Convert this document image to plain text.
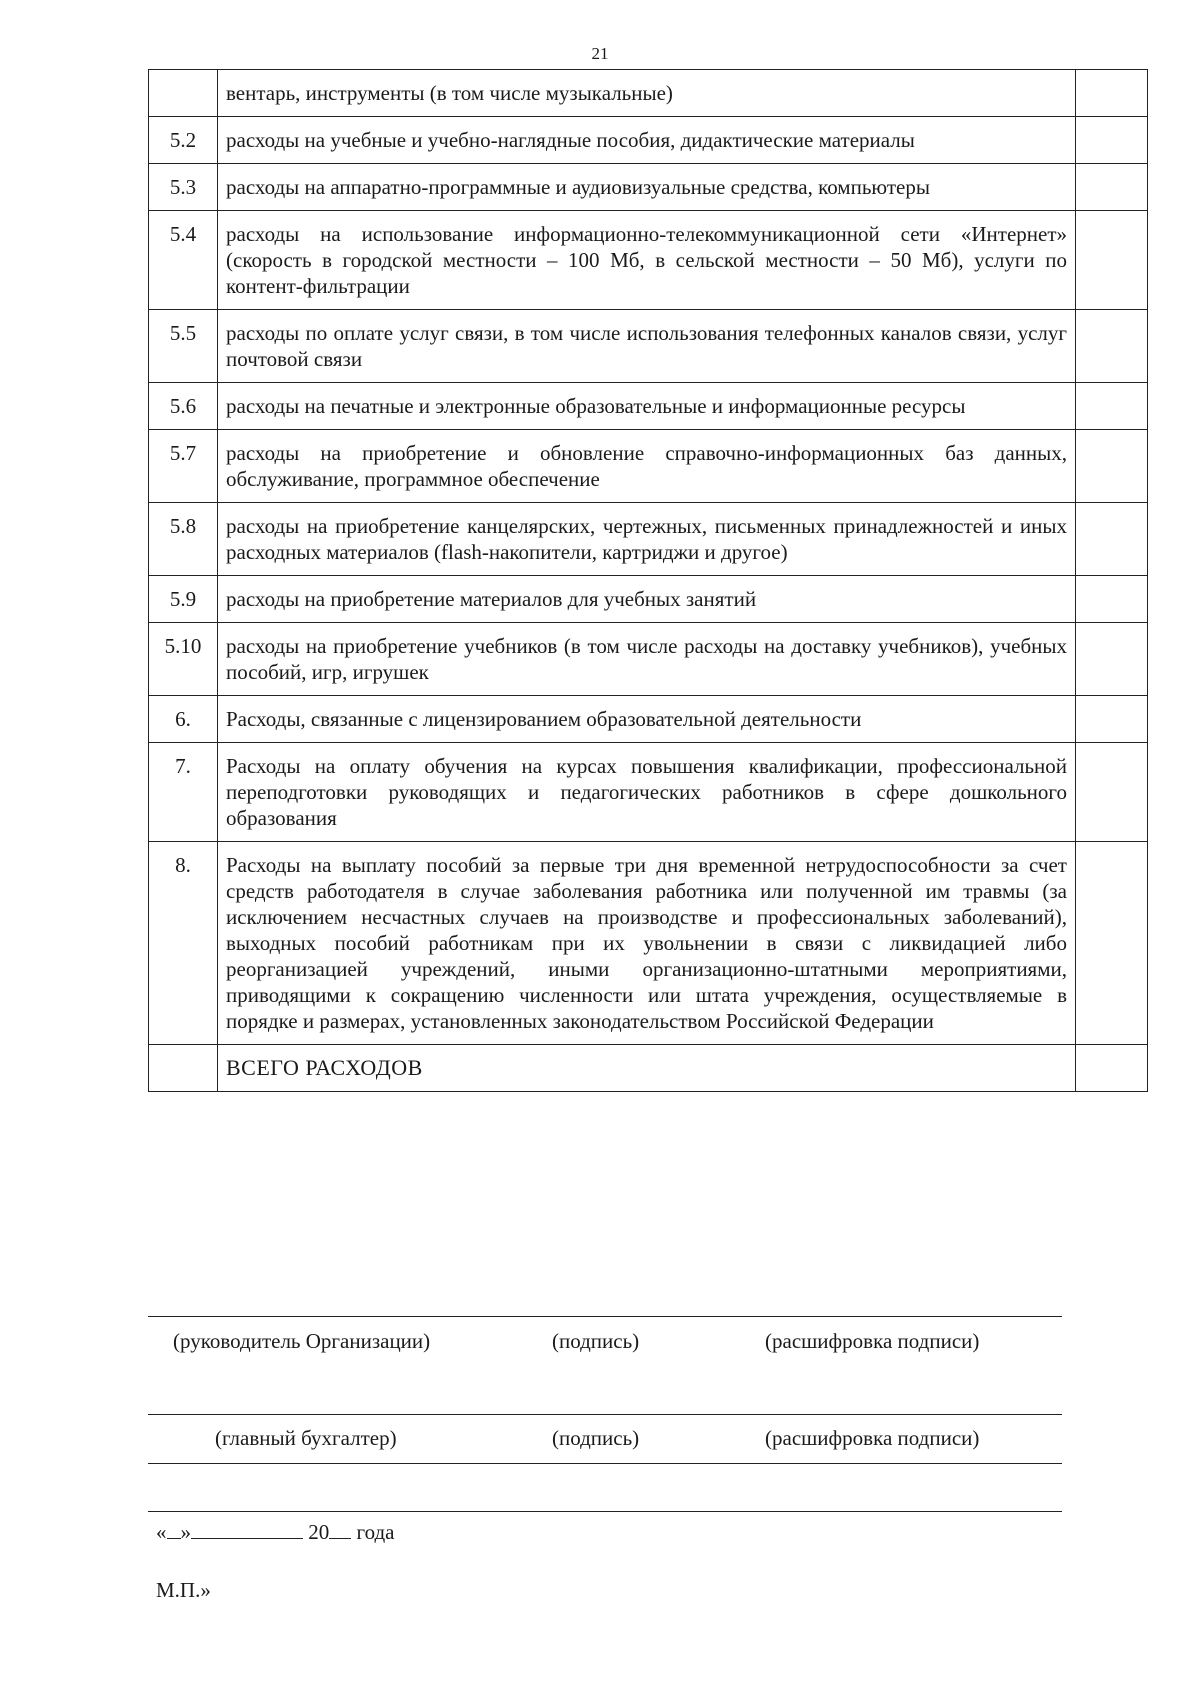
21
	вентарь, инструменты (в том числе музыкальные)	
5.2	расходы на учебные и учебно-наглядные пособия, дидактические материалы	
5.3	расходы на аппаратно-программные и аудиовизуальные средства, компьютеры	
5.4	расходы на использование информационно-телекоммуникационной сети «Интернет» (скорость в городской местности – 100 Мб, в сельской местности – 50 Мб), услуги по контент-фильтрации	
5.5	расходы по оплате услуг связи, в том числе использования телефонных каналов связи, услуг почтовой связи	
5.6	расходы на печатные и электронные образовательные и информационные ресурсы	
5.7	расходы на приобретение и обновление справочно-информационных баз данных, обслуживание, программное обеспечение	
5.8	расходы на приобретение канцелярских, чертежных, письменных принадлежностей и иных расходных материалов (flash-накопители, картриджи и другое)	
5.9	расходы на приобретение материалов для учебных занятий	
5.10	расходы на приобретение учебников (в том числе расходы на доставку учебников), учебных пособий, игр, игрушек	
6.	Расходы, связанные с лицензированием образовательной деятельности	
7.	Расходы на оплату обучения на курсах повышения квалификации, профессиональной переподготовки руководящих и педагогических работников в сфере дошкольного образования	
8.	Расходы на выплату пособий за первые три дня временной нетрудоспособности за счет средств работодателя в случае заболевания работника или полученной им травмы (за исключением несчастных случаев на производстве и профессиональных заболеваний), выходных пособий работникам при их увольнении в связи с ликвидацией либо реорганизацией учреждений, иными организационно-штатными мероприятиями, приводящими к сокращению численности или штата учреждения, осуществляемые в порядке и размерах, установленных законодательством Российской Федерации	
	ВСЕГО РАСХОДОВ	
(руководитель Организации)	(подпись)	(расшифровка подписи)
(главный бухгалтер)	(подпись)	(расшифровка подписи)
« »	20 года
М.П.»
